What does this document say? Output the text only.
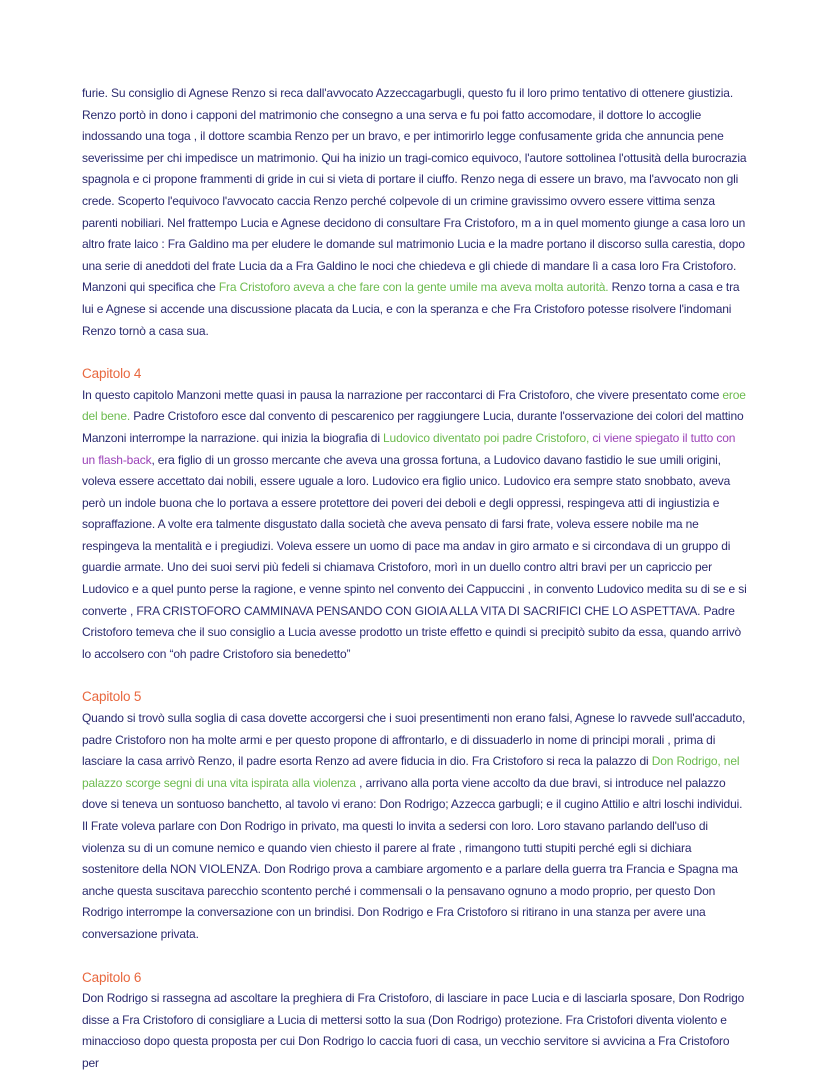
furie. Su consiglio di Agnese Renzo si reca dall'avvocato Azzeccagarbugli, questo fu il loro primo tentativo di ottenere giustizia. Renzo portò in dono i capponi del matrimonio che consegno a una serva e fu poi fatto accomodare, il dottore lo accoglie indossando una toga , il dottore scambia Renzo per un bravo, e per intimorirlo legge confusamente grida che annuncia pene severissime per chi impedisce un matrimonio. Qui ha inizio un tragi-comico equivoco, l'autore sottolinea l'ottusità della burocrazia spagnola e ci propone frammenti di gride in cui si vieta di portare il ciuffo. Renzo nega di essere un bravo, ma l'avvocato non gli crede. Scoperto l'equivoco l'avvocato caccia Renzo perché colpevole di un crimine gravissimo ovvero essere vittima senza parenti nobiliari. Nel frattempo Lucia e Agnese decidono di consultare Fra Cristoforo, m a in quel momento giunge a casa loro un altro frate laico : Fra Galdino ma per eludere le domande sul matrimonio Lucia e la madre portano il discorso sulla carestia, dopo una serie di aneddoti del frate Lucia da a Fra Galdino le noci che chiedeva e gli chiede di mandare lì a casa loro Fra Cristoforo. Manzoni qui specifica che Fra Cristoforo aveva a che fare con la gente umile ma aveva molta autorità. Renzo torna a casa e tra lui e Agnese si accende una discussione placata da Lucia, e con la speranza e che Fra Cristoforo potesse risolvere l'indomani Renzo tornò a casa sua.

Capitolo 4

In questo capitolo Manzoni mette quasi in pausa la narrazione per raccontarci di Fra Cristoforo, che vivere presentato come eroe del bene. Padre Cristoforo esce dal convento di pescarenico per raggiungere Lucia, durante l'osservazione dei colori del mattino Manzoni interrompe la narrazione. qui inizia la biografia di Ludovico diventato poi padre Cristoforo, ci viene spiegato il tutto con un flash-back, era figlio di un grosso mercante che aveva una grossa fortuna, a Ludovico davano fastidio le sue umili origini, voleva essere accettato dai nobili, essere uguale a loro. Ludovico era figlio unico. Ludovico era sempre stato snobbato, aveva però un indole buona che lo portava a essere protettore dei poveri dei deboli e degli oppressi, respingeva atti di ingiustizia e sopraffazione. A volte era talmente disgustato dalla società che aveva pensato di farsi frate, voleva essere nobile ma ne respingeva la mentalità e i pregiudizi. Voleva essere un uomo di pace ma andav in giro armato e si circondava di un gruppo di guardie armate. Uno dei suoi servi più fedeli si chiamava Cristoforo, morì in un duello contro altri bravi per un capriccio per Ludovico e a quel punto perse la ragione, e venne spinto nel convento dei Cappuccini , in convento Ludovico medita su di se e si converte , FRA CRISTOFORO CAMMINAVA PENSANDO CON GIOIA ALLA VITA DI SACRIFICI CHE LO ASPETTAVA. Padre Cristoforo temeva che il suo consiglio a Lucia avesse prodotto un triste effetto e quindi si precipitò subito da essa, quando arrivò lo accolsero con “oh padre Cristoforo sia benedetto”

Capitolo 5

Quando si trovò sulla soglia di casa dovette accorgersi che i suoi presentimenti non erano falsi, Agnese lo ravvede sull'accaduto, padre Cristoforo non ha molte armi e per questo propone di affrontarlo, e di dissuaderlo in nome di principi morali , prima di lasciare la casa arrivò Renzo, il padre esorta Renzo ad avere fiducia in dio. Fra Cristoforo si reca la palazzo di Don Rodrigo, nel palazzo scorge segni di una vita ispirata alla violenza , arrivano alla porta viene accolto da due bravi, si introduce nel palazzo dove si teneva un sontuoso banchetto, al tavolo vi erano: Don Rodrigo; Azzecca garbugli; e il cugino Attilio e altri loschi individui. Il Frate voleva parlare con Don Rodrigo in privato, ma questi lo invita a sedersi con loro. Loro stavano parlando dell'uso di violenza su di un comune nemico e quando vien chiesto il parere al frate , rimangono tutti stupiti perché egli si dichiara sostenitore della NON VIOLENZA. Don Rodrigo prova a cambiare argomento e a parlare della guerra tra Francia e Spagna ma anche questa suscitava parecchio scontento perché i commensali o la pensavano ognuno a modo proprio, per questo Don Rodrigo interrompe la conversazione con un brindisi. Don Rodrigo e Fra Cristoforo si ritirano in una stanza per avere una conversazione privata.

Capitolo 6

Don Rodrigo si rassegna ad ascoltare la preghiera di Fra Cristoforo, di lasciare in pace Lucia e di lasciarla sposare, Don Rodrigo disse a Fra Cristoforo di consigliare a Lucia di mettersi sotto la sua (Don Rodrigo) protezione. Fra Cristofori diventa violento e minaccioso dopo questa proposta per cui Don Rodrigo lo caccia fuori di casa, un vecchio servitore si avvicina a Fra Cristoforo per
